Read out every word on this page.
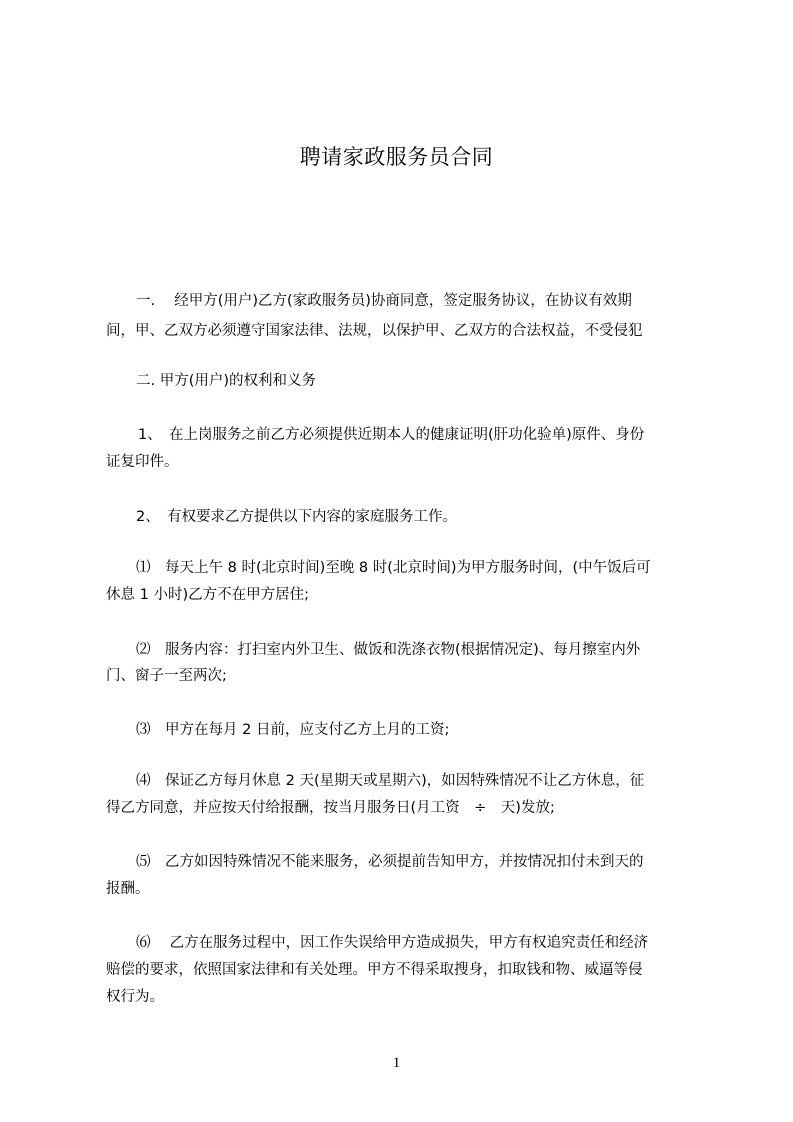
聘请家政服务员合同
一.　 经甲方(用户)乙方(家政服务员)协商同意，签定服务协议，在协议有效期
间，甲、乙双方必须遵守国家法律、法规，以保护甲、乙双方的合法权益，不受侵犯
二. 甲方(用户)的权利和义务
1、　在上岗服务之前乙方必须提供近期本人的健康证明(肝功化验单)原件、身份
证复印件。
2、　有权要求乙方提供以下内容的家庭服务工作。
⑴　每天上午 8 时(北京时间)至晚 8 时(北京时间)为甲方服务时间，(中午饭后可
休息 1 小时)乙方不在甲方居住;
⑵　服务内容：打扫室内外卫生、做饭和洗涤衣物(根据情况定)、每月擦室内外
门、窗子一至两次;
⑶　甲方在每月 2 日前，应支付乙方上月的工资;
⑷　保证乙方每月休息 2 天(星期天或星期六)，如因特殊情况不让乙方休息，征
得乙方同意，并应按天付给报酬，按当月服务日(月工资　÷　天)发放;
⑸　乙方如因特殊情况不能来服务，必须提前告知甲方，并按情况扣付未到天的
报酬。
⑹　 乙方在服务过程中，因工作失误给甲方造成损失，甲方有权追究责任和经济
赔偿的要求，依照国家法律和有关处理。甲方不得采取搜身，扣取钱和物、威逼等侵
权行为。
1
